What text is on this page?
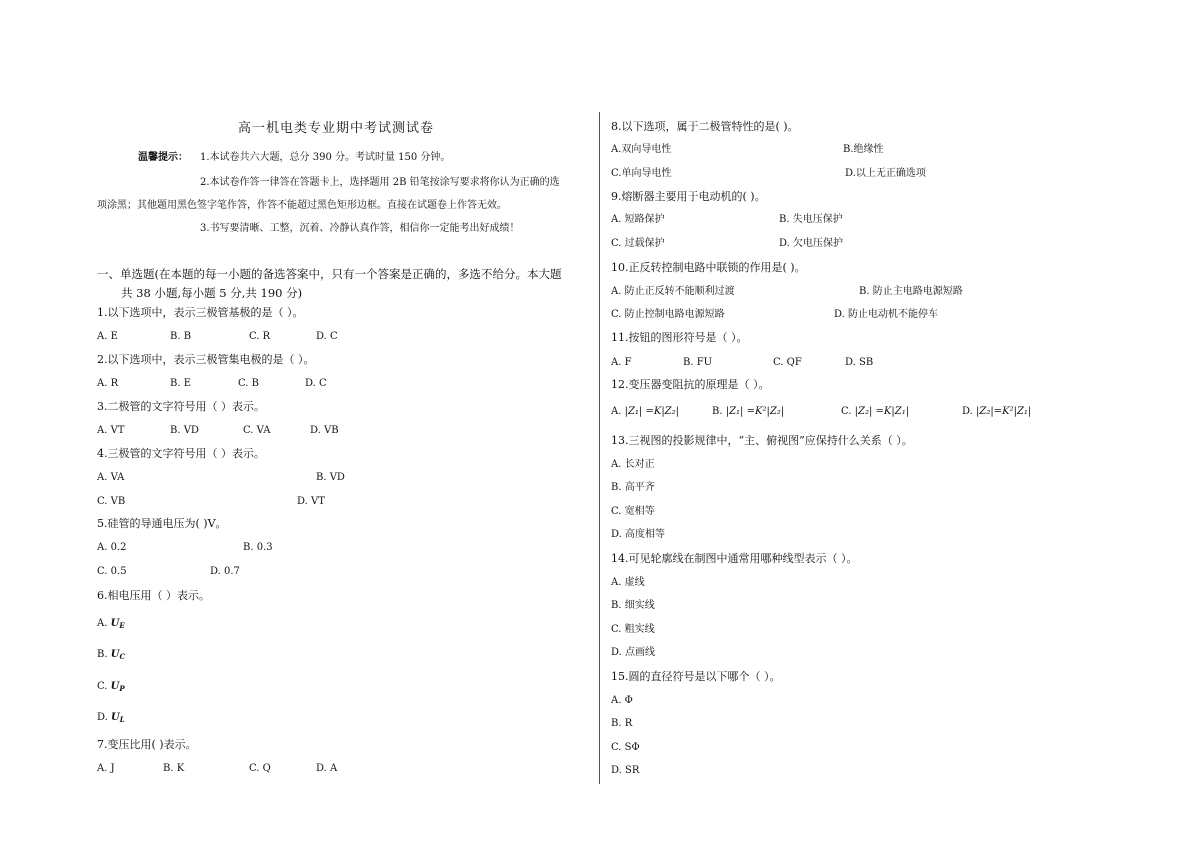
高一机电类专业期中考试测试卷
温馨提示： 1.本试卷共六大题，总分 390 分。考试时量 150 分钟。
2.本试卷作答一律答在答题卡上，选择题用 2B 铅笔按涂写要求将你认为正确的选
项涂黑；其他题用黑色签字笔作答，作答不能超过黑色矩形边框。直接在试题卷上作答无效。
3.书写要清晰、工整，沉着、冷静认真作答，相信你一定能考出好成绩！
一、单选题(在本题的每一小题的备选答案中，只有一个答案是正确的，多选不给分。本大题
共 38 小题,每小题 5 分,共 190 分)
1.以下选项中，表示三极管基极的是（ ）。
A. E	B. B	C. R	D. C
2.以下选项中，表示三极管集电极的是（ ）。
A. R	B. E	C. B	D. C
3.二极管的文字符号用（ ）表示。
A. VT	B. VD	C. VA	D. VB
4.三极管的文字符号用（ ）表示。
A. VA	B. VD
C. VB	D. VT
5.硅管的导通电压为( )V。
A. 0.2	B. 0.3
C. 0.5	D. 0.7
6.相电压用（ ）表示。
A. $U_E$
B. $U_C$
C. $U_P$
D. $U_L$
7.变压比用( )表示。
A. J	B. K	C. Q	D. A
8.以下选项，属于二极管特性的是( )。
A.双向导电性	B.绝缘性
C.单向导电性	D.以上无正确选项
9.熔断器主要用于电动机的( )。
A. 短路保护	B. 失电压保护
C. 过载保护	D. 欠电压保护
10.正反转控制电路中联锁的作用是( )。
A. 防止正反转不能顺利过渡	B. 防止主电路电源短路
C. 防止控制电路电源短路	D. 防止电动机不能停车
11.按钮的图形符号是（ ）。
A. F	B. FU	C. QF	D. SB
12.变压器变阻抗的原理是（ ）。
A. |Z₁| =K|Z₂|	B. |Z₁| =K²|Z₂|	C. |Z₂| =K|Z₁|	D. |Z₂|=K²|Z₁|
13.三视图的投影规律中，“主、俯视图”应保持什么关系（ ）。
A. 长对正
B. 高平齐
C. 宽相等
D. 高度相等
14.可见轮廓线在制图中通常用哪种线型表示（ ）。
A. 虚线
B. 细实线
C. 粗实线
D. 点画线
15.圆的直径符号是以下哪个（ ）。
A. Φ
B. R
C. SΦ
D. SR
